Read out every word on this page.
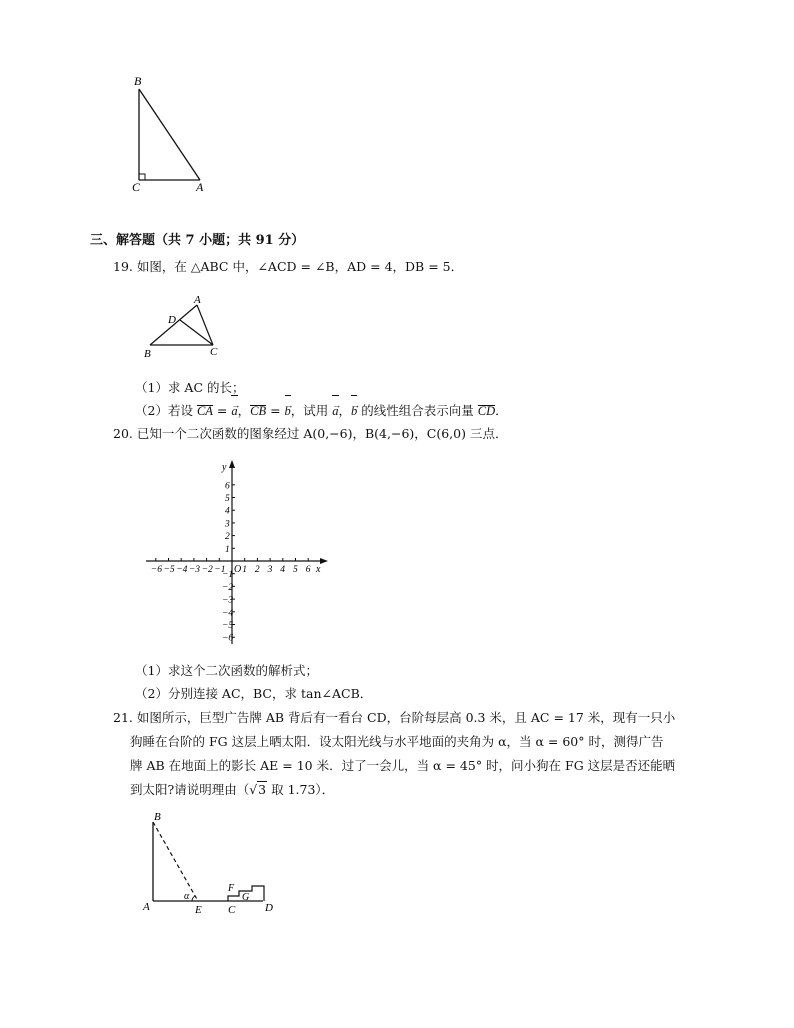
B
C	A
三、解答题（共 7 小题；共 91 分）
19. 如图，在 △ABC 中，∠ACD = ∠B，AD = 4，DB = 5．
A
D
B	C
（1）求 AC 的长；
（2）若设 CA = → a，CB = → b，试用 → a，→ b 的线性组合表示向量 CD．
20. 已知一个二次函数的图象经过 A(0,−6)，B(4,−6)，C(6,0) 三点．
−6 −5 −4 −3 −2 −1 1 2 3 4 5 6
6
5
4
3
2
1
−1
−2
−3
−4
−5
−6
O	x
y
（1）求这个二次函数的解析式；
（2）分别连接 AC，BC，求 tan∠ACB．
21. 如图所示，巨型广告牌 AB 背后有一看台 CD，台阶每层高 0.3 米，且 AC = 17 米，现有一只小
狗睡在台阶的 FG 这层上晒太阳．设太阳光线与水平地面的夹角为 α，当 α = 60° 时，测得广告
牌 AB 在地面上的影长 AE = 10 米．过了一会儿，当 α = 45° 时，问小狗在 FG 这层是否还能晒
到太阳?请说明理由（√3 取 1.73）．
B
A
α
E
F
G
C	D
